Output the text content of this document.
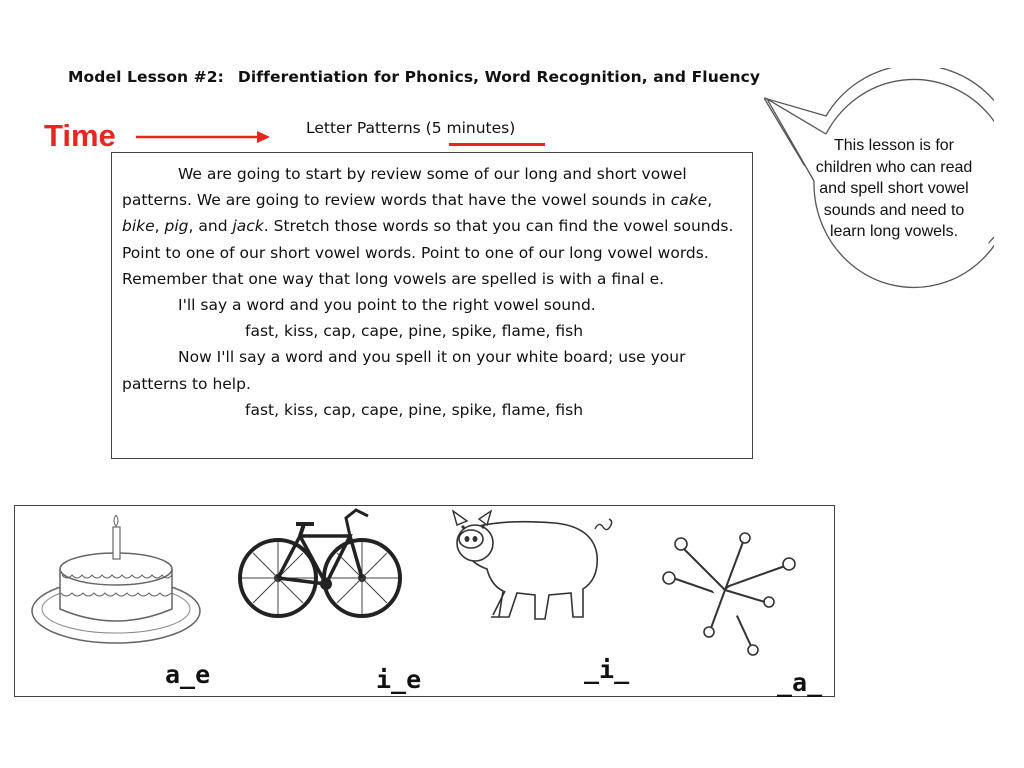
Model Lesson #2: Differentiation for Phonics, Word Recognition, and Fluency
Time	Letter Patterns (5 minutes)

We are going to start by review some of our long and short vowel patterns. We are going to review words that have the vowel sounds in cake, bike, pig, and jack. Stretch those words so that you can find the vowel sounds. Point to one of our short vowel words. Point to one of our long vowel words. Remember that one way that long vowels are spelled is with a final e.

I'll say a word and you point to the right vowel sound.

fast, kiss, cap, cape, pine, spike, flame, fish

Now I'll say a word and you spell it on your white board; use your patterns to help.

fast, kiss, cap, cape, pine, spike, flame, fish

This lesson is for children who can read and spell short vowel sounds and need to learn long vowels.
a_e	i_e	_i_	_a_
